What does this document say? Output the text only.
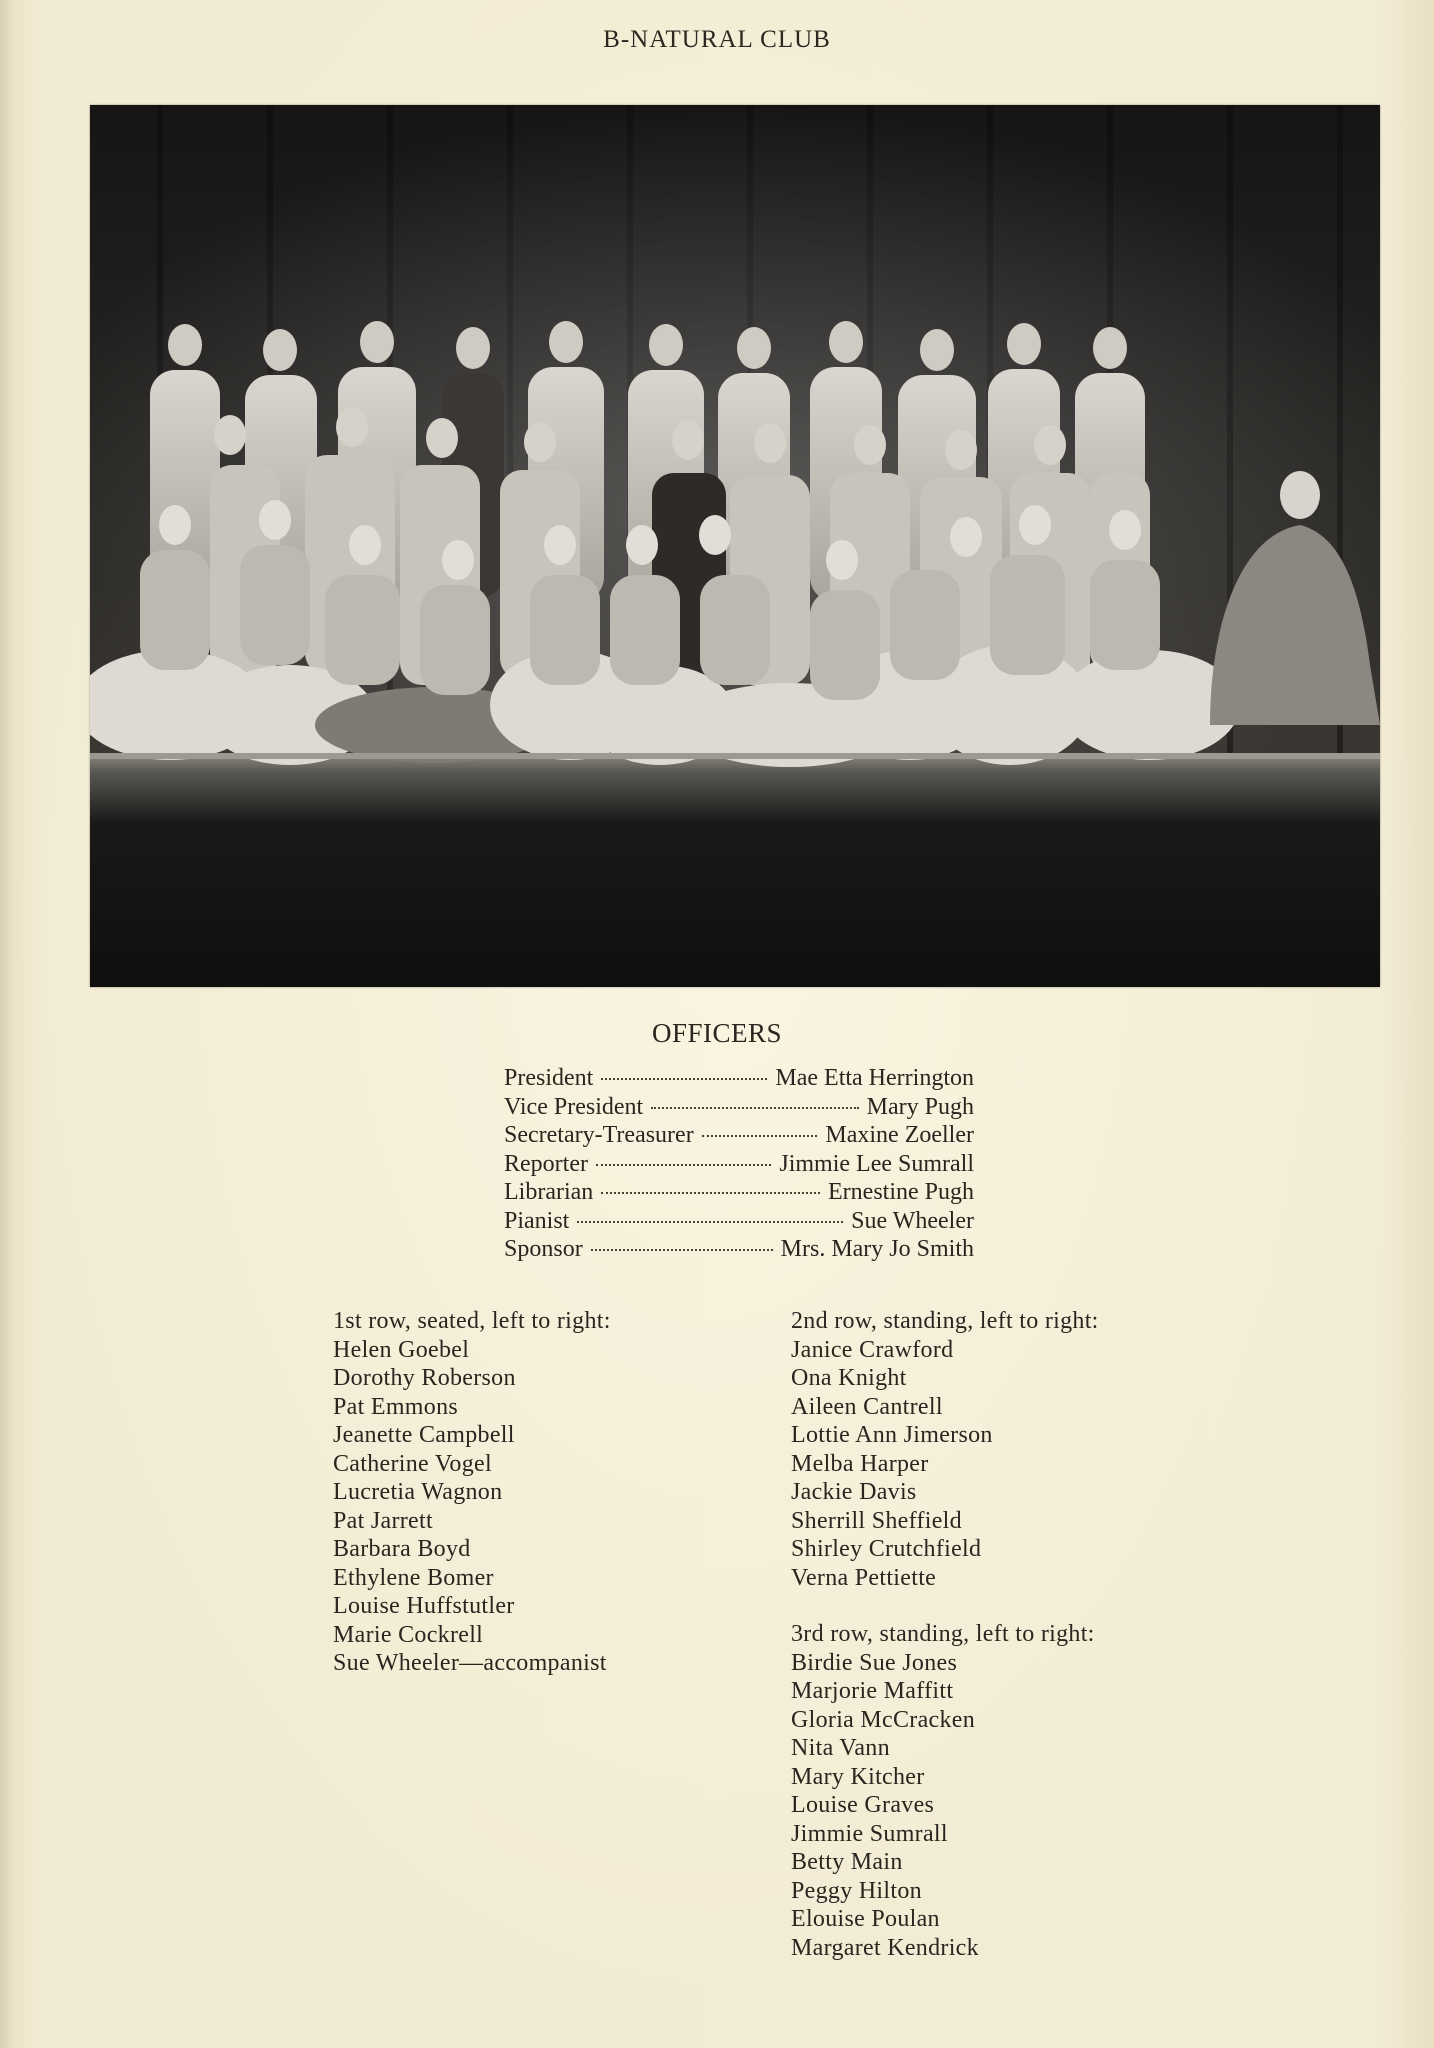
B-NATURAL CLUB
OFFICERS
President	Mae Etta Herrington
Vice President	Mary Pugh
Secretary-Treasurer	Maxine Zoeller
Reporter	Jimmie Lee Sumrall
Librarian	Ernestine Pugh
Pianist	Sue Wheeler
Sponsor	Mrs. Mary Jo Smith
1st row, seated, left to right:
Helen Goebel
Dorothy Roberson
Pat Emmons
Jeanette Campbell
Catherine Vogel
Lucretia Wagnon
Pat Jarrett
Barbara Boyd
Ethylene Bomer
Louise Huffstutler
Marie Cockrell
Sue Wheeler—accompanist
2nd row, standing, left to right:
Janice Crawford
Ona Knight
Aileen Cantrell
Lottie Ann Jimerson
Melba Harper
Jackie Davis
Sherrill Sheffield
Shirley Crutchfield
Verna Pettiette
3rd row, standing, left to right:
Birdie Sue Jones
Marjorie Maffitt
Gloria McCracken
Nita Vann
Mary Kitcher
Louise Graves
Jimmie Sumrall
Betty Main
Peggy Hilton
Elouise Poulan
Margaret Kendrick
